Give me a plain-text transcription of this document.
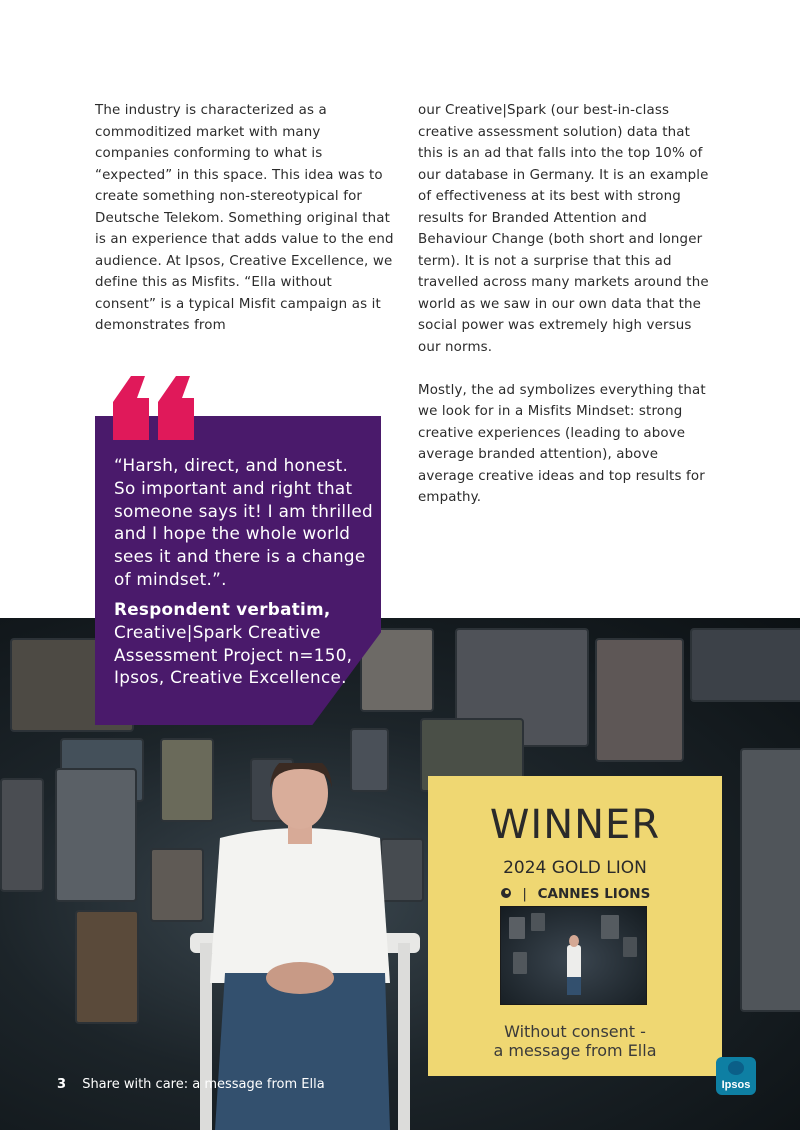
The industry is characterized as a commoditized market with many companies conforming to what is “expected” in this space. This idea was to create something non-stereotypical for Deutsche Telekom. Something original that is an experience that adds value to the end audience. At Ipsos, Creative Excellence, we define this as Misfits. “Ella without consent” is a typical Misfit campaign as it demonstrates from

our Creative|Spark (our best-in-class creative assessment solution) data that this is an ad that falls into the top 10% of our database in Germany. It is an example of effectiveness at its best with strong results for Branded Attention and Behaviour Change (both short and longer term). It is not a surprise that this ad travelled across many markets around the world as we saw in our own data that the social power was extremely high versus our norms.

Mostly, the ad symbolizes everything that we look for in a Misfits Mindset: strong creative experiences (leading to above average branded attention), above average creative ideas and top results for empathy.

“Harsh, direct, and honest. So important and right that someone says it! I am thrilled and I hope the whole world sees it and there is a change of mindset.”.
Respondent verbatim,
Creative|Spark Creative Assessment Project n=150, Ipsos, Creative Excellence.
WINNER
2024 GOLD LION
| CANNES LIONS
Without consent -
a message from Ella
Ipsos
3 Share with care: a message from Ella
